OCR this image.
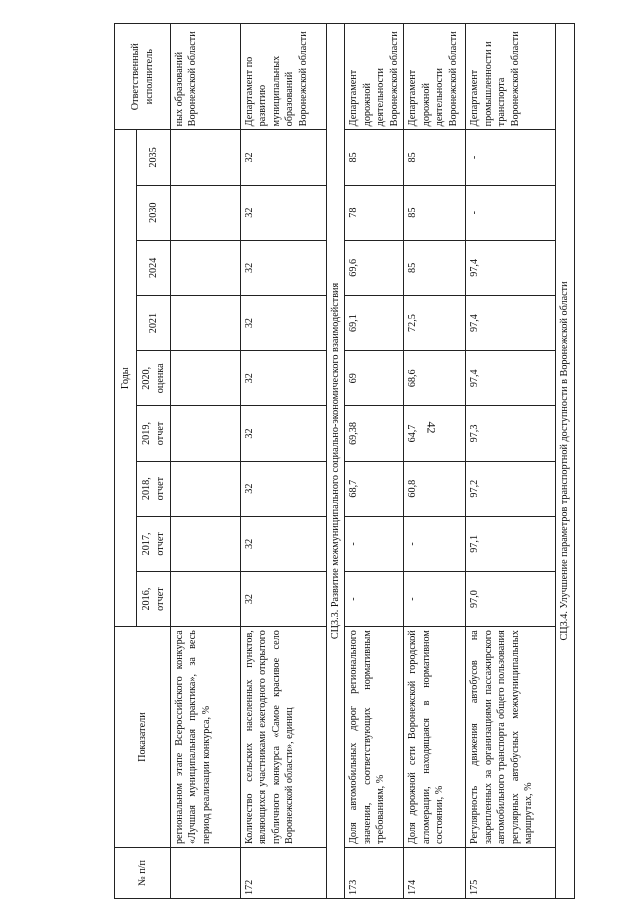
42
№ п/п	Показатели	Годы									Ответственный исполнитель
		2016, отчет	2017, отчет	2018, отчет	2019, отчет	2020, оценка	2021	2024	2030	2035	
	региональном этапе Всероссийского конкурса «Лучшая муниципальная практика», за весь период реализации конкурса, %										ных образований Воронежской области
172	Количество сельских населенных пунктов, являющихся участниками ежегодного открытого публичного конкурса «Самое красивое село Воронежской области», единиц	32	32	32	32	32	32	32	32	32	Департамент по развитию муниципальных образований Воронежской области
СЦ3.3. Развитие межмуниципального социально-экономического взаимодействия											
173	Доля автомобильных дорог регионального значения, соответствующих нормативным требованиям, %	-	-	68,7	69,38	69	69,1	69,6	78	85	Департамент дорожной деятельности Воронежской области
174	Доля дорожной сети Воронежской городской агломерации, находящаяся в нормативном состоянии, %	-	-	60,8	64,7	68,6	72,5	85	85	85	Департамент дорожной деятельности Воронежской области
175	Регулярность движения автобусов на закрепленных за организациями пассажирского автомобильного транспорта общего пользования регулярных автобусных межмуниципальных маршрутах, %	97,0	97,1	97,2	97,3	97,4	97,4	97,4	-	-	Департамент промышленности и транспорта Воронежской области
СЦ3.4. Улучшение параметров транспортной доступности в Воронежской области											
